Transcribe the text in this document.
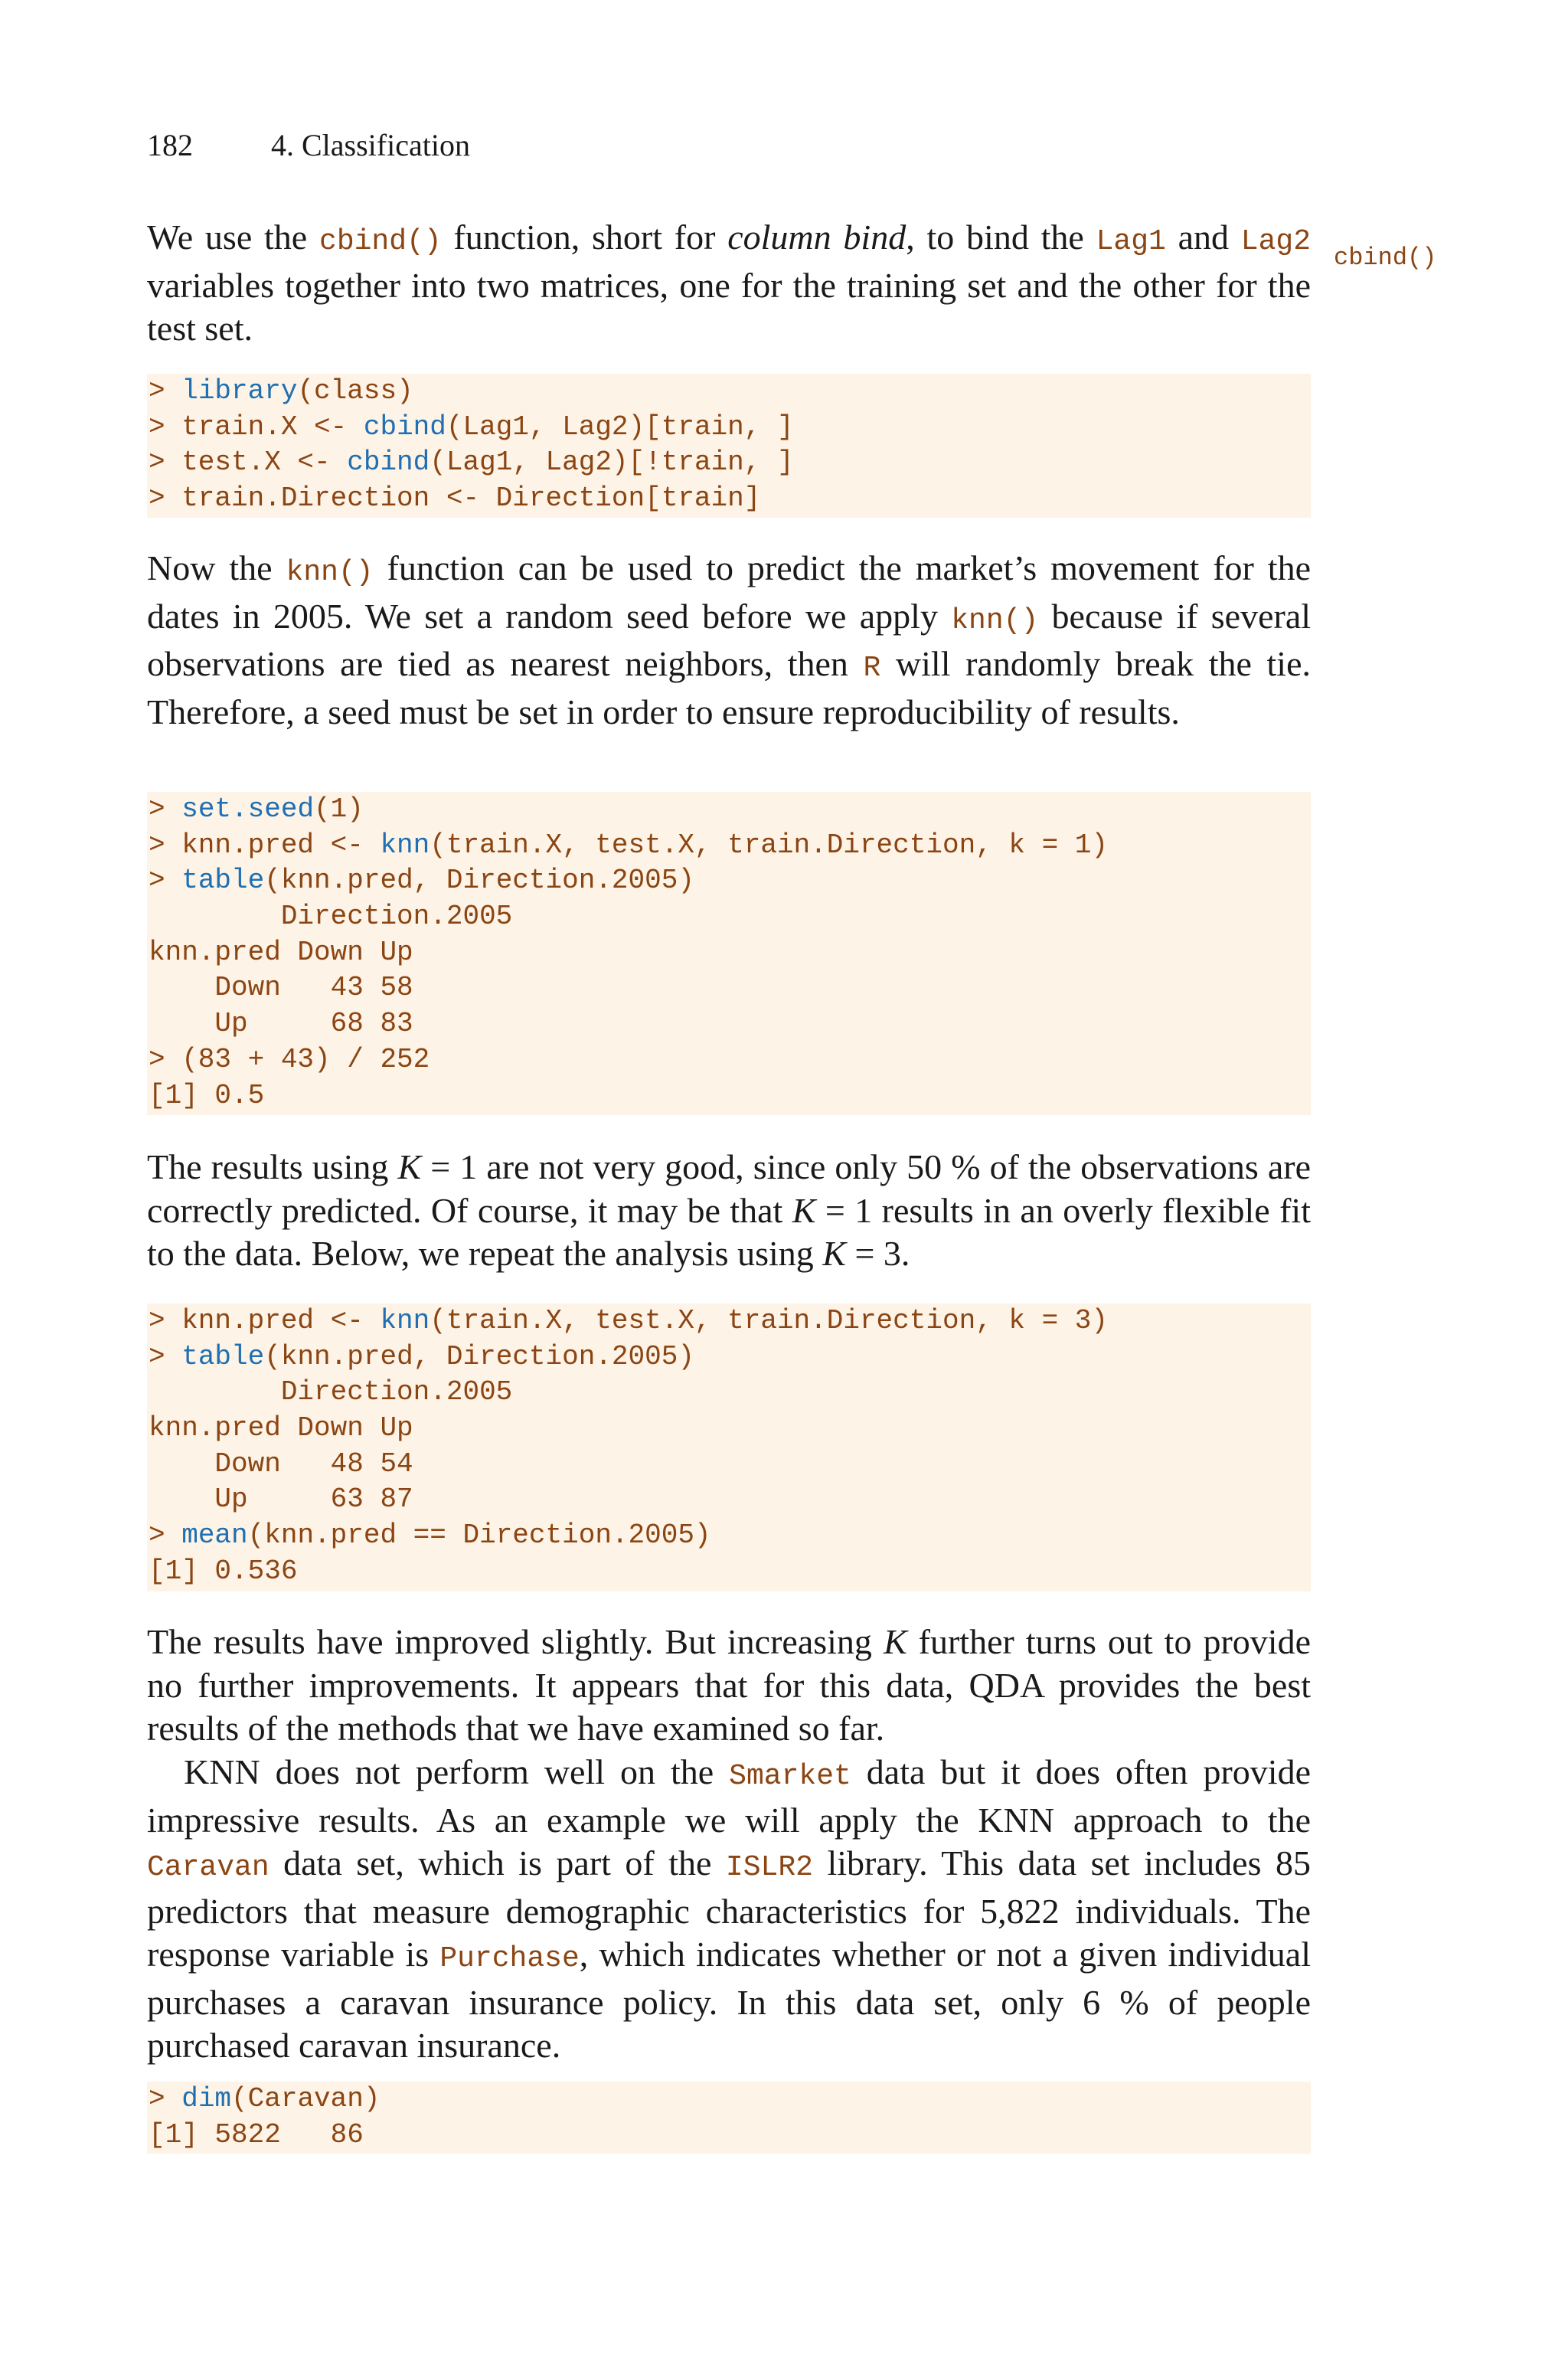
182	4. Classification
cbind()

We use the cbind() function, short for column bind, to bind the Lag1 and Lag2 variables together into two matrices, one for the training set and the other for the test set.

> library(class)
> train.X <- cbind(Lag1, Lag2)[train, ]
> test.X <- cbind(Lag1, Lag2)[!train, ]
> train.Direction <- Direction[train]

Now the knn() function can be used to predict the market’s movement for the dates in 2005. We set a random seed before we apply knn() because if several observations are tied as nearest neighbors, then R will randomly break the tie. Therefore, a seed must be set in order to ensure reproducibility of results.

> set.seed(1)
> knn.pred <- knn(train.X, test.X, train.Direction, k = 1)
> table(knn.pred, Direction.2005)
Direction.2005
knn.pred Down Up
Down   43 58
Up     68 83
> (83 + 43) / 252
[1] 0.5

The results using K = 1 are not very good, since only 50 % of the observations are correctly predicted. Of course, it may be that K = 1 results in an overly flexible fit to the data. Below, we repeat the analysis using K = 3.

> knn.pred <- knn(train.X, test.X, train.Direction, k = 3)
> table(knn.pred, Direction.2005)
Direction.2005
knn.pred Down Up
Down   48 54
Up     63 87
> mean(knn.pred == Direction.2005)
[1] 0.536

The results have improved slightly. But increasing K further turns out to provide no further improvements. It appears that for this data, QDA provides the best results of the methods that we have examined so far.

KNN does not perform well on the Smarket data but it does often provide impressive results. As an example we will apply the KNN approach to the Caravan data set, which is part of the ISLR2 library. This data set includes 85 predictors that measure demographic characteristics for 5,822 individuals. The response variable is Purchase, which indicates whether or not a given individual purchases a caravan insurance policy. In this data set, only 6 % of people purchased caravan insurance.

> dim(Caravan)
[1] 5822   86
